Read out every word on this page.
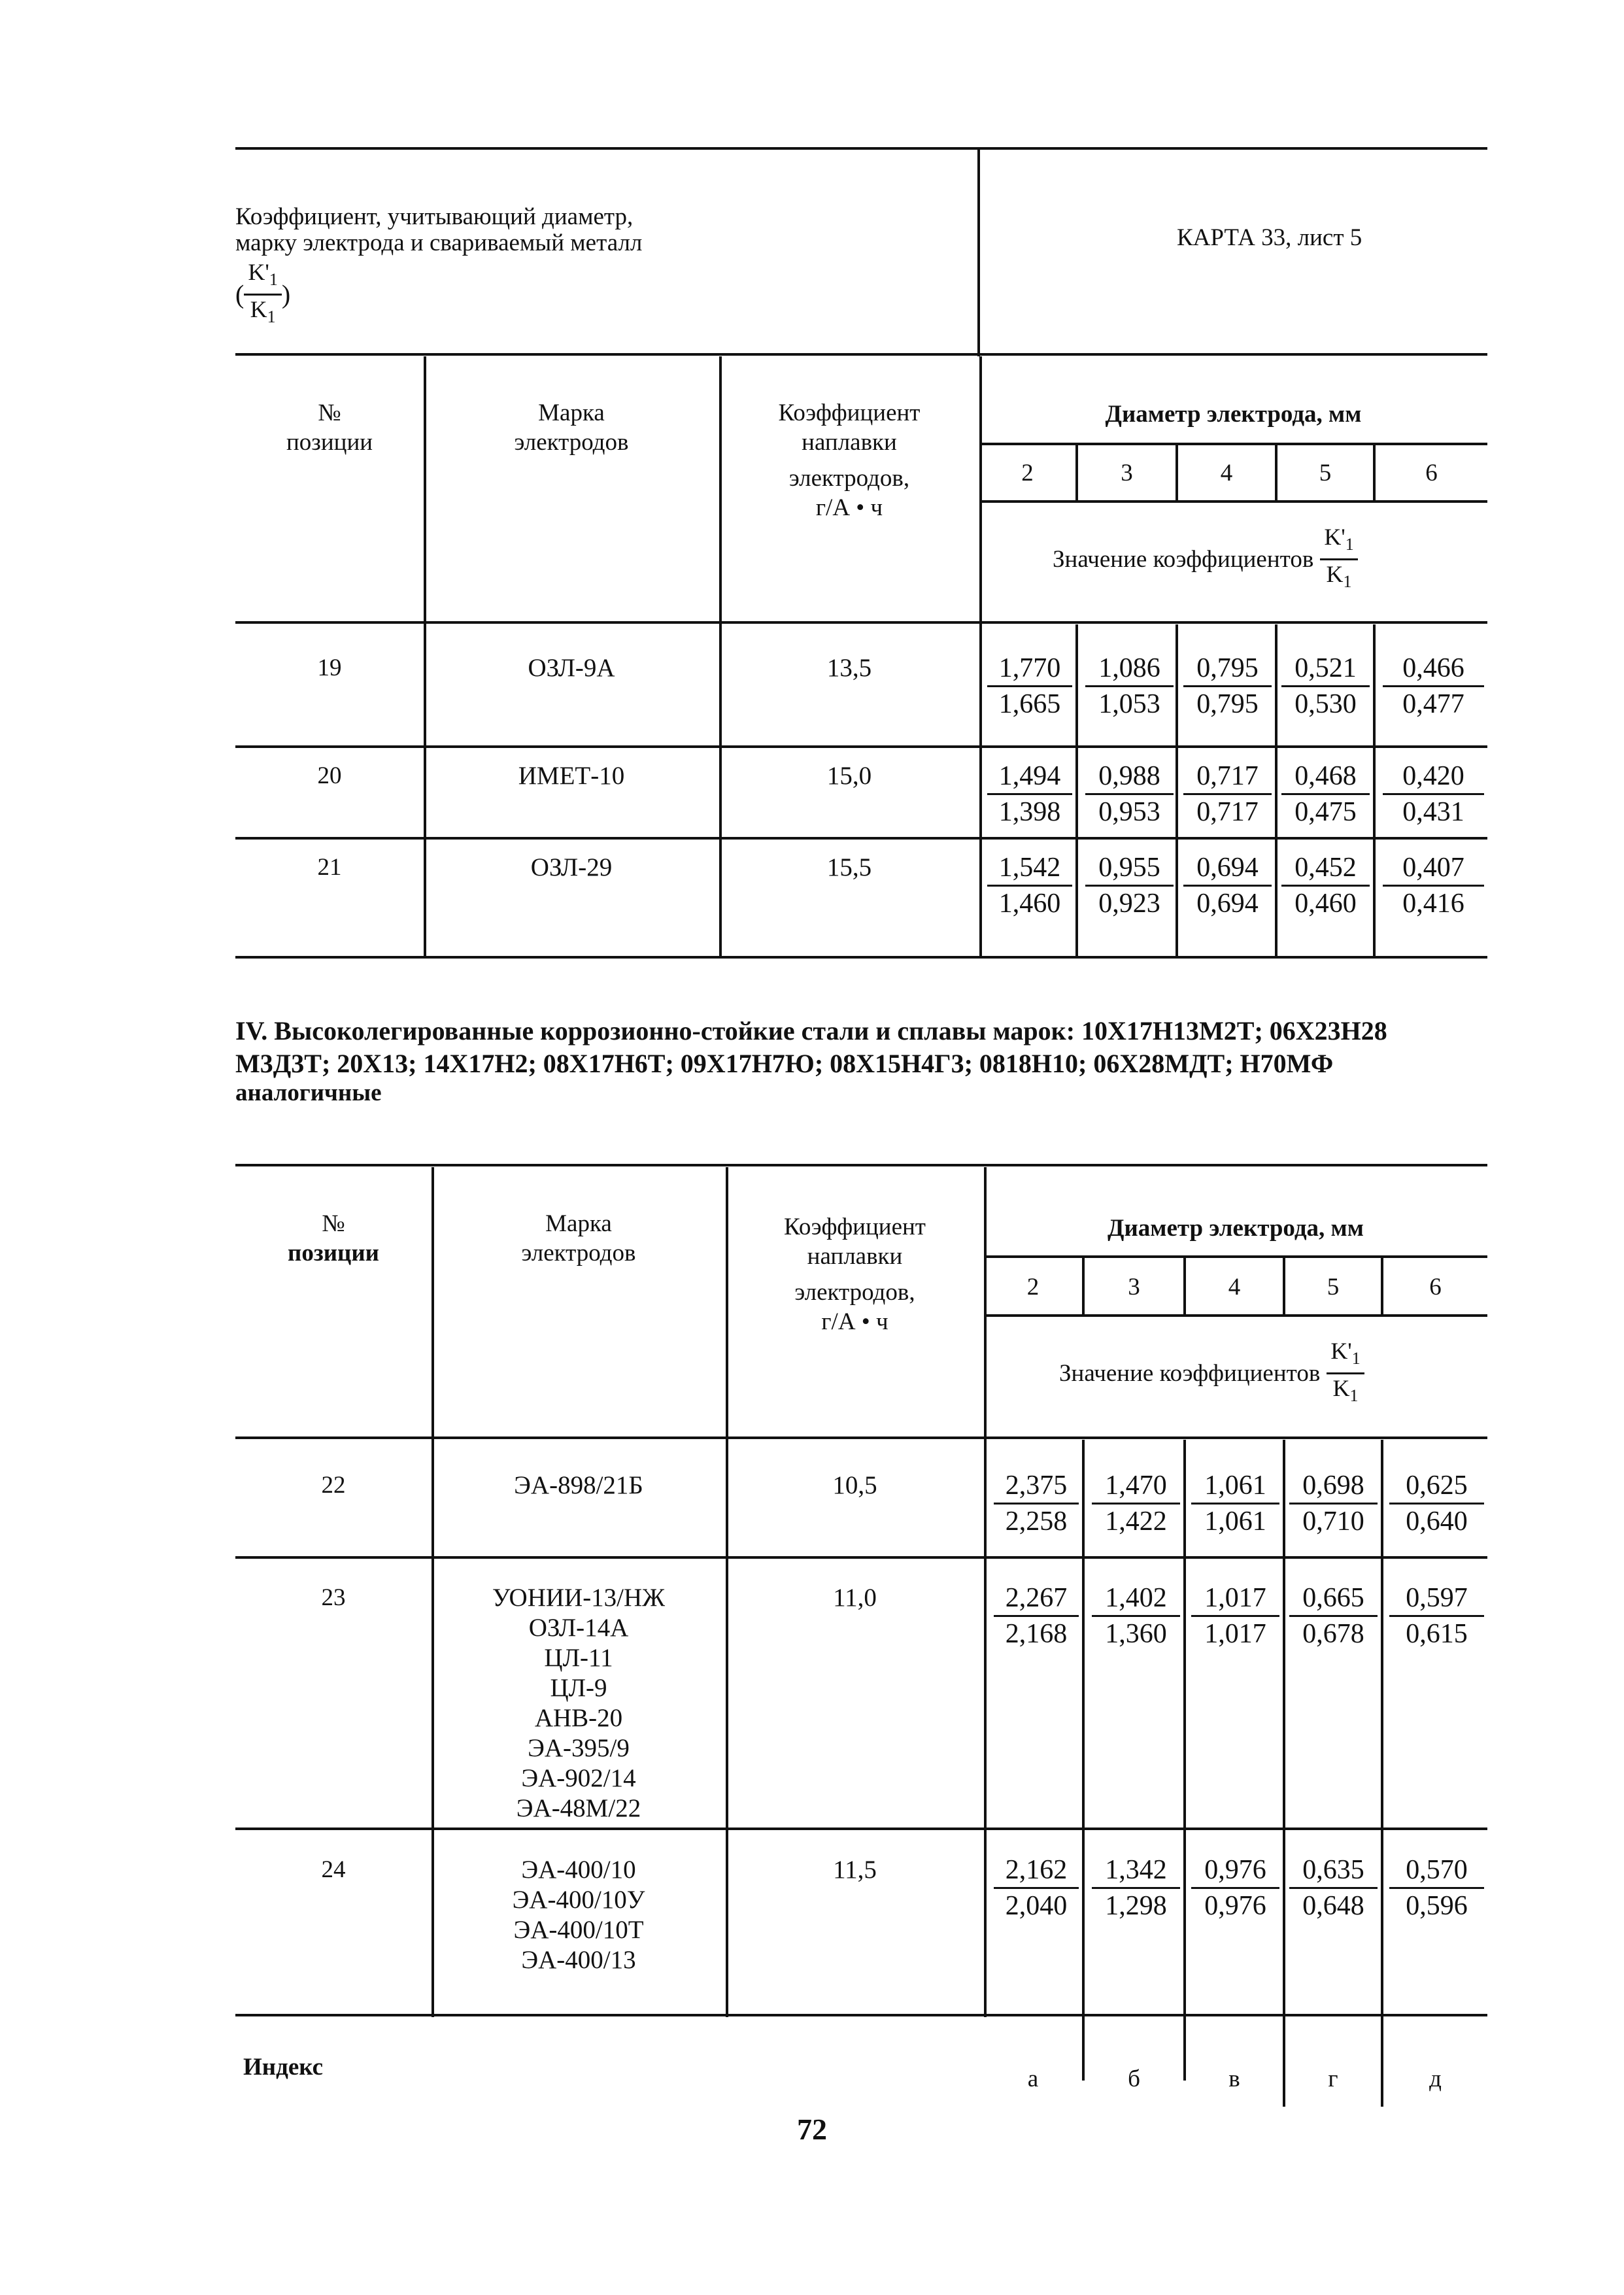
Коэффициент, учитывающий диаметр,
марку электрода и свариваемый металл
( $\frac{K'_1}{K_1}$ )
КАРТА 33, лист 5
№
позиции
Марка
электродов
Коэффициент
наплавки
электродов,
г/А • ч
Диаметр электрода, мм
2	3	4	5	6
Значение коэффициентов $\frac{K'_1}{K_1}$
19	ОЗЛ-9А	13,5	$\frac{1,770}{1,665} \frac{1,086}{1,053} \frac{0,795}{0,795} \frac{0,521}{0,530} \frac{0,466}{0,477}$
20	ИМЕТ-10	15,0	$\frac{1,494}{1,398} \frac{0,988}{0,953} \frac{0,717}{0,717} \frac{0,468}{0,475} \frac{0,420}{0,431}$
21	ОЗЛ-29	15,5	$\frac{1,542}{1,460} \frac{0,955}{0,923} \frac{0,694}{0,694} \frac{0,452}{0,460} \frac{0,407}{0,416}$
IV. Высоколегированные коррозионно-стойкие стали и сплавы марок: 10Х17Н13М2Т; 06Х23Н28
М3Д3Т; 20Х13; 14Х17Н2; 08Х17Н6Т; 09Х17Н7Ю; 08Х15Н4Г3; 0818Н10; 06Х28МДТ; Н70МФ
аналогичные
№
позиции
Марка
электродов
Коэффициент
наплавки
электродов,
г/А • ч
Диаметр электрода, мм
2	3	4	5	6
Значение коэффициентов $\frac{K'_1}{K_1}$
22	ЭА-898/21Б	10,5	$\frac{2,375}{2,258} \frac{1,470}{1,422} \frac{1,061}{1,061} \frac{0,698}{0,710} \frac{0,625}{0,640}$
23	УОНИИ-13/НЖ
ОЗЛ-14А
ЦЛ-11
ЦЛ-9
АНВ-20
ЭА-395/9
ЭА-902/14
ЭА-48М/22
11,0	$\frac{2,267}{2,168} \frac{1,402}{1,360} \frac{1,017}{1,017} \frac{0,665}{0,678} \frac{0,597}{0,615}$
24	ЭА-400/10
ЭА-400/10У
ЭА-400/10Т
ЭА-400/13
11,5	$\frac{2,162}{2,040} \frac{1,342}{1,298} \frac{0,976}{0,976} \frac{0,635}{0,648} \frac{0,570}{0,596}$
Индекс	а	б	в	г	д
72
